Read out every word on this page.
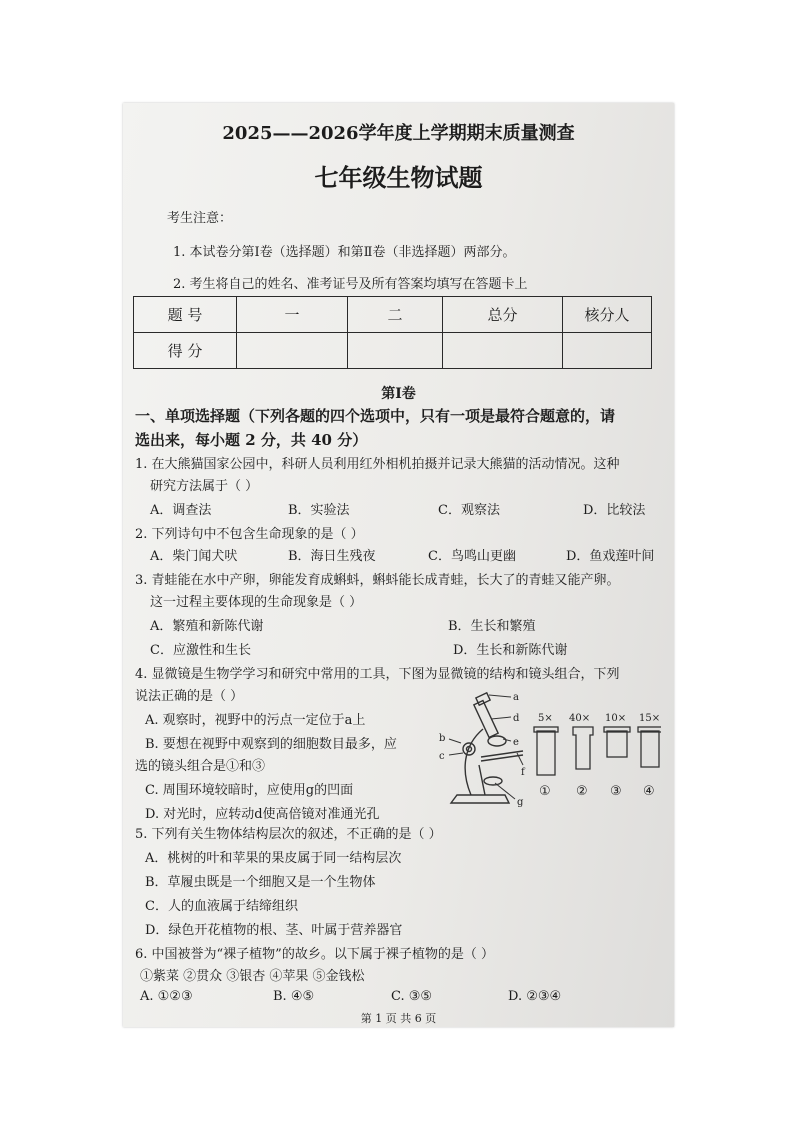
2025——2026学年度上学期期末质量测查
七年级生物试题
考生注意：
1. 本试卷分第Ⅰ卷（选择题）和第Ⅱ卷（非选择题）两部分。
2. 考生将自己的姓名、准考证号及所有答案均填写在答题卡上
题 号	一	二	总分	核分人
得 分				
第Ⅰ卷
一、单项选择题（下列各题的四个选项中，只有一项是最符合题意的，请
选出来，每小题 2 分，共 40 分）
1. 在大熊猫国家公园中，科研人员利用红外相机拍摄并记录大熊猫的活动情况。这种
研究方法属于（ ）
A．调查法	B．实验法	C．观察法	D．比较法
2. 下列诗句中不包含生命现象的是（ ）
A．柴门闻犬吠	B．海日生残夜	C．鸟鸣山更幽	D．鱼戏莲叶间
3. 青蛙能在水中产卵，卵能发育成蝌蚪，蝌蚪能长成青蛙，长大了的青蛙又能产卵。
这一过程主要体现的生命现象是（ ）
A．繁殖和新陈代谢	B．生长和繁殖
C．应激性和生长	D．生长和新陈代谢
4. 显微镜是生物学学习和研究中常用的工具，下图为显微镜的结构和镜头组合，下列
说法正确的是（ ）
A. 观察时，视野中的污点一定位于a上
B. 要想在视野中观察到的细胞数目最多，应
选的镜头组合是①和③
C. 周围环境较暗时，应使用g的凹面
D. 对光时，应转动d使高倍镜对准通光孔
a
b
c
d
e
f
g
5× 40× 10× 15×
① ② ③ ④
5. 下列有关生物体结构层次的叙述，不正确的是（ ）
A．桃树的叶和苹果的果皮属于同一结构层次
B．草履虫既是一个细胞又是一个生物体
C．人的血液属于结缔组织
D．绿色开花植物的根、茎、叶属于营养器官
6. 中国被誉为“裸子植物”的故乡。以下属于裸子植物的是（ ）
①紫菜 ②贯众 ③银杏 ④苹果 ⑤金钱松
A. ①②③	B. ④⑤	C. ③⑤	D. ②③④
第 1 页 共 6 页
